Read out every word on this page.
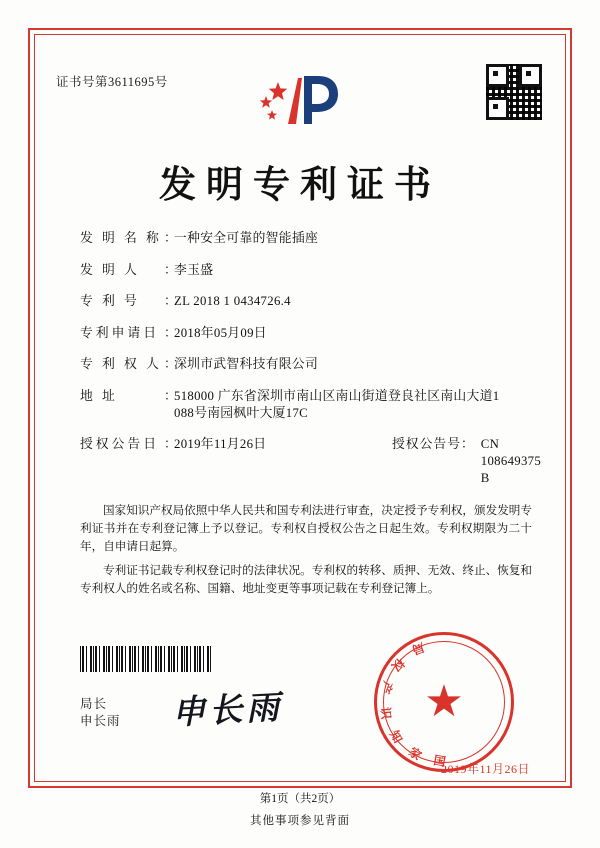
证书号第3611695号
发明专利证书
发 明 名 称 ：
一种安全可靠的智能插座
发 明 人	：
李玉盛
专 利 号	：
ZL 2018 1 0434726.4
专利申请日 ：
2018年05月09日
专 利 权 人 ：
深圳市武智科技有限公司
地 址	：
518000 广东省深圳市南山区南山街道登良社区南山大道1
088号南园枫叶大厦17C
授权公告日 ：
2019年11月26日	授权公告号： CN 108649375 B

国家知识产权局依照中华人民共和国专利法进行审查，决定授予专利权，颁发发明专利证书并在专利登记簿上予以登记。专利权自授权公告之日起生效。专利权期限为二十年，自申请日起算。

专利证书记载专利权登记时的法律状况。专利权的转移、质押、无效、终止、恢复和专利权人的姓名或名称、国籍、地址变更等事项记载在专利登记簿上。

局长
申长雨 申长雨	★
国
家
知
识
产
权
局
2019年11月26日
第1页（共2页）
其他事项参见背面
